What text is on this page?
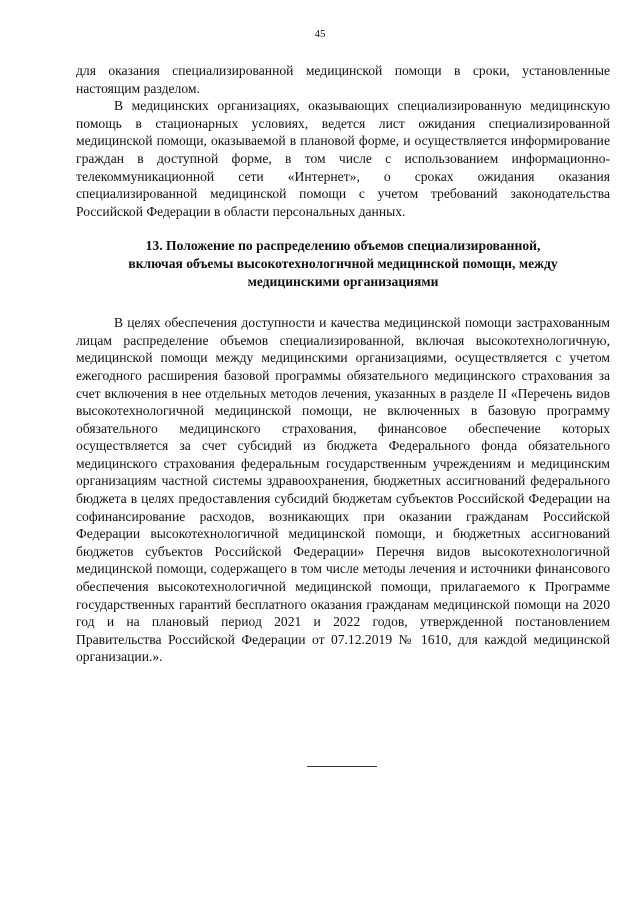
45

для оказания специализированной медицинской помощи в сроки, установленные настоящим разделом.

В медицинских организациях, оказывающих специализированную медицинскую помощь в стационарных условиях, ведется лист ожидания специализированной медицинской помощи, оказываемой в плановой форме, и осуществляется информирование граждан в доступной форме, в том числе с использованием информационно-телекоммуникационной сети «Интернет», о сроках ожидания оказания специализированной медицинской помощи с учетом требований законодательства Российской Федерации в области персональных данных.

13. Положение по распределению объемов специализированной,
включая объемы высокотехнологичной медицинской помощи, между
медицинскими организациями

В целях обеспечения доступности и качества медицинской помощи застрахованным лицам распределение объемов специализированной, включая высокотехнологичную, медицинской помощи между медицинскими организациями, осуществляется с учетом ежегодного расширения базовой программы обязательного медицинского страхования за счет включения в нее отдельных методов лечения, указанных в разделе II «Перечень видов высокотехнологичной медицинской помощи, не включенных в базовую программу обязательного медицинского страхования, финансовое обеспечение которых осуществляется за счет субсидий из бюджета Федерального фонда обязательного медицинского страхования федеральным государственным учреждениям и медицинским организациям частной системы здравоохранения, бюджетных ассигнований федерального бюджета в целях предоставления субсидий бюджетам субъектов Российской Федерации на софинансирование расходов, возникающих при оказании гражданам Российской Федерации высокотехнологичной медицинской помощи, и бюджетных ассигнований бюджетов субъектов Российской Федерации» Перечня видов высокотехнологичной медицинской помощи, содержащего в том числе методы лечения и источники финансового обеспечения высокотехнологичной медицинской помощи, прилагаемого к Программе государственных гарантий бесплатного оказания гражданам медицинской помощи на 2020 год и на плановый период 2021 и 2022 годов, утвержденной постановлением Правительства Российской Федерации от 07.12.2019 № 1610, для каждой медицинской организации.».
